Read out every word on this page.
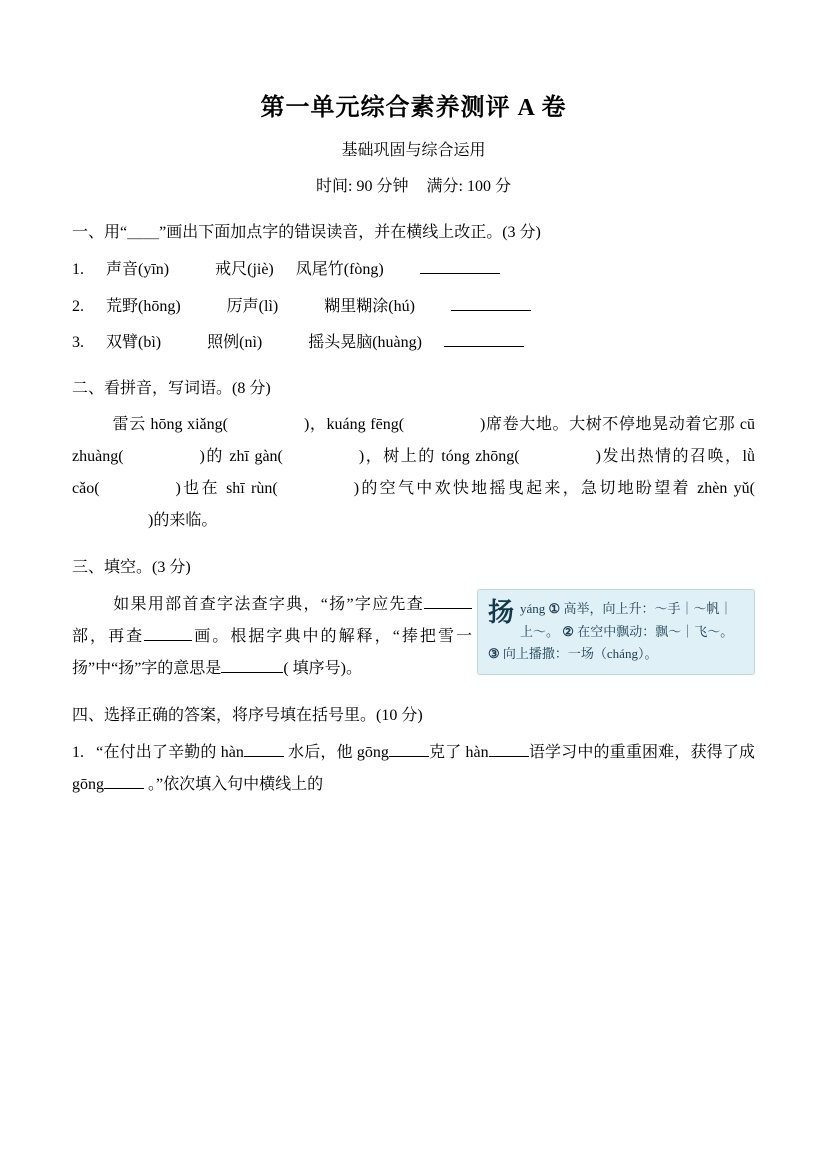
第一单元综合素养测评 A 卷
基础巩固与综合运用
时间: 90 分钟 满分: 100 分
一、用“＿＿”画出下面加点字的错误读音，并在横线上改正。(3 分)
1. 声音(yīn)	戒尺(jiè) 凤尾竹(fòng)
2. 荒野(hōng)	厉声(lì)	糊里糊涂(hú)
3. 双臂(bì)	照例(nì)	摇头晃脑(huàng)
二、看拼音，写词语。(8 分)
雷云 hōng xiǎng(	)，kuáng fēng(	)席卷大地。大树不停地晃动着它那 cū zhuàng(	)的 zhī gàn(	)，树上的 tóng zhōng(	)发出热情的召唤，lǜ cǎo(	)也在 shī rùn(	)的空气中欢快地摇曳起来，急切地盼望着 zhèn yǔ()的来临。
三、填空。(3 分)
扬 yáng ① 高举，向上升：～手｜～帆｜上～。 ② 在空中飘动：飘～｜飞～。 ③ 向上播撒：一场（cháng）。
如果用部首查字法查字典，“扬”字应先查部，再查	画。根据字典中的解释，“捧把雪一扬”中“扬”字的意思是	( 填序号)。
四、选择正确的答案，将序号填在括号里。(10 分)
1. “在付出了辛勤的 hàn	水后，他 gōng	克了 hàn	语学习中的重重困难，获得了成 gōng	。”依次填入句中横线上的
